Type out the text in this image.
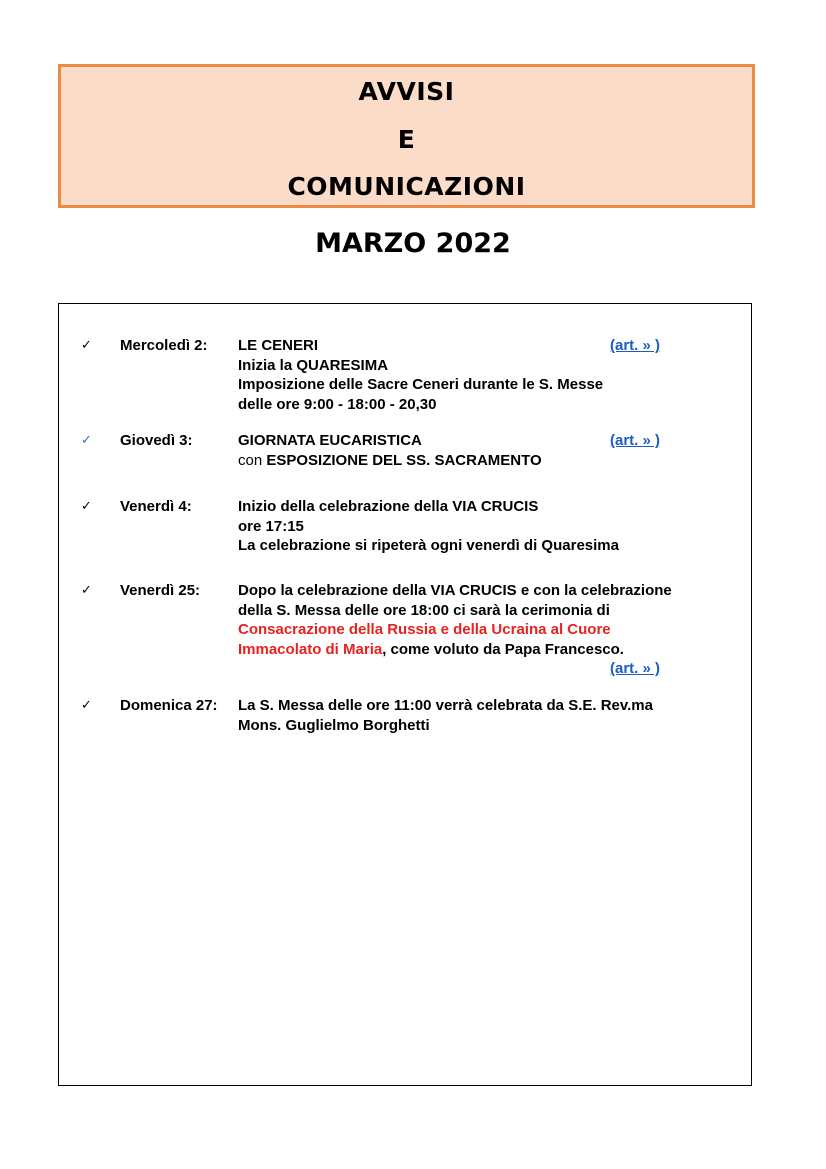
AVVISI
E
COMUNICAZIONI
MARZO 2022
✓ Mercoledì 2: LE CENERI
Inizia la QUARESIMA
Imposizione delle Sacre Ceneri durante le S. Messe
delle ore 9:00 - 18:00 - 20,30
(art. » )
✓ Giovedì 3:	GIORNATA EUCARISTICA
con ESPOSIZIONE DEL SS. SACRAMENTO
(art. » )
✓ Venerdì 4:	Inizio della celebrazione della VIA CRUCIS
ore 17:15
La celebrazione si ripeterà ogni venerdì di Quaresima
✓ Venerdì 25:	Dopo la celebrazione della VIA CRUCIS e con la celebrazione
della S. Messa delle ore 18:00 ci sarà la cerimonia di
Consacrazione della Russia e della Ucraina al Cuore
Immacolato di Maria, come voluto da Papa Francesco.
(art. » )
✓ Domenica 27: La S. Messa delle ore 11:00 verrà celebrata da S.E. Rev.ma
Mons. Guglielmo Borghetti
